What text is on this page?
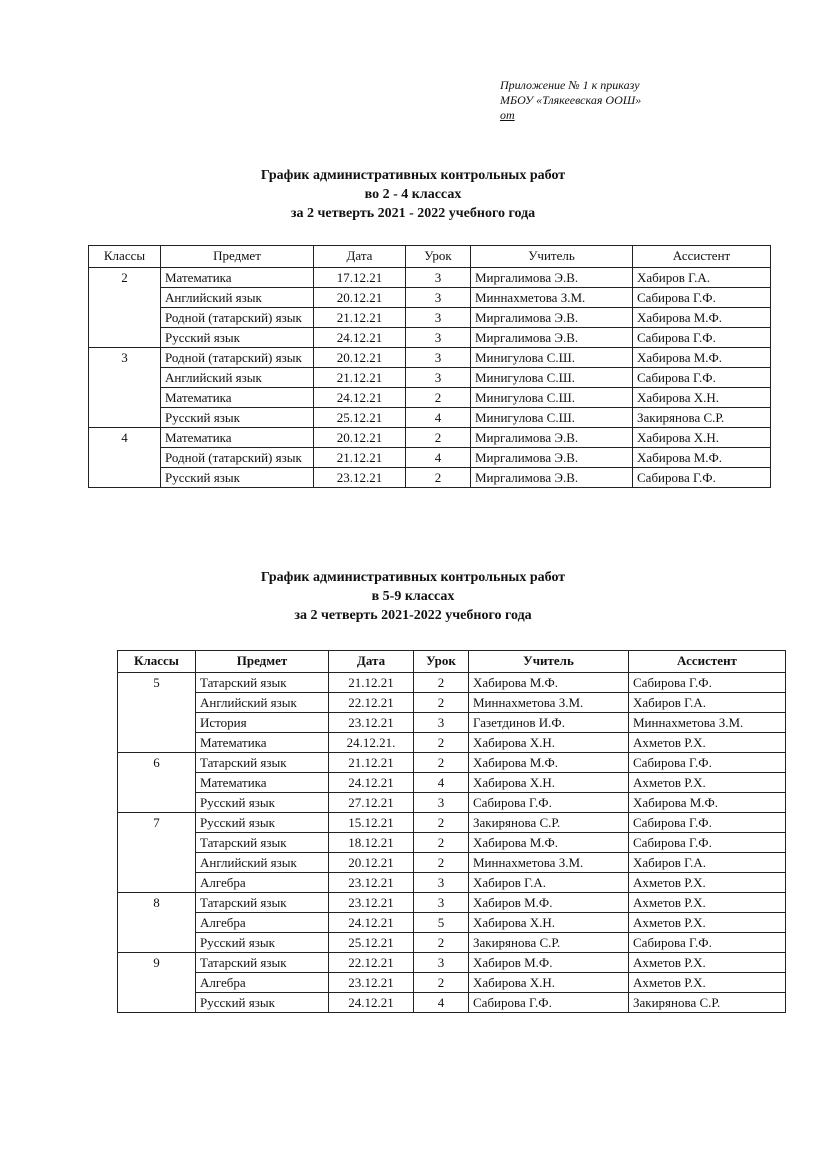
Приложение № 1 к приказу
МБОУ «Тлякеевская ООШ»
от
График административных контрольных работ
во 2 - 4 классах
за 2 четверть 2021 - 2022 учебного года
Классы	Предмет	Дата	Урок	Учитель	Ассистент
2	Математика	17.12.21	3	Миргалимова Э.В.	Хабиров Г.А.
	Английский язык	20.12.21	3	Миннахметова З.М.	Сабирова Г.Ф.
	Родной (татарский) язык	21.12.21	3	Миргалимова Э.В.	Хабирова М.Ф.
	Русский язык	24.12.21	3	Миргалимова Э.В.	Сабирова Г.Ф.
3	Родной (татарский) язык	20.12.21	3	Минигулова С.Ш.	Хабирова М.Ф.
	Английский язык	21.12.21	3	Минигулова С.Ш.	Сабирова Г.Ф.
	Математика	24.12.21	2	Минигулова С.Ш.	Хабирова Х.Н.
	Русский язык	25.12.21	4	Минигулова С.Ш.	Закирянова С.Р.
4	Математика	20.12.21	2	Миргалимова Э.В.	Хабирова Х.Н.
	Родной (татарский) язык	21.12.21	4	Миргалимова Э.В.	Хабирова М.Ф.
	Русский язык	23.12.21	2	Миргалимова Э.В.	Сабирова Г.Ф.
График административных контрольных работ
в 5-9 классах
за 2 четверть 2021-2022 учебного года
Классы	Предмет	Дата	Урок	Учитель	Ассистент
5	Татарский язык	21.12.21	2	Хабирова М.Ф.	Сабирова Г.Ф.
	Английский язык	22.12.21	2	Миннахметова З.М.	Хабиров Г.А.
	История	23.12.21	3	Газетдинов И.Ф.	Миннахметова З.М.
	Математика	24.12.21.	2	Хабирова Х.Н.	Ахметов Р.Х.
6	Татарский язык	21.12.21	2	Хабирова М.Ф.	Сабирова Г.Ф.
	Математика	24.12.21	4	Хабирова Х.Н.	Ахметов Р.Х.
	Русский язык	27.12.21	3	Сабирова Г.Ф.	Хабирова М.Ф.
7	Русский язык	15.12.21	2	Закирянова С.Р.	Сабирова Г.Ф.
	Татарский язык	18.12.21	2	Хабирова М.Ф.	Сабирова Г.Ф.
	Английский язык	20.12.21	2	Миннахметова З.М.	Хабиров Г.А.
	Алгебра	23.12.21	3	Хабиров Г.А.	Ахметов Р.Х.
8	Татарский язык	23.12.21	3	Хабиров М.Ф.	Ахметов Р.Х.
	Алгебра	24.12.21	5	Хабирова Х.Н.	Ахметов Р.Х.
	Русский язык	25.12.21	2	Закирянова С.Р.	Сабирова Г.Ф.
9	Татарский язык	22.12.21	3	Хабиров М.Ф.	Ахметов Р.Х.
	Алгебра	23.12.21	2	Хабирова Х.Н.	Ахметов Р.Х.
	Русский язык	24.12.21	4	Сабирова Г.Ф.	Закирянова С.Р.
